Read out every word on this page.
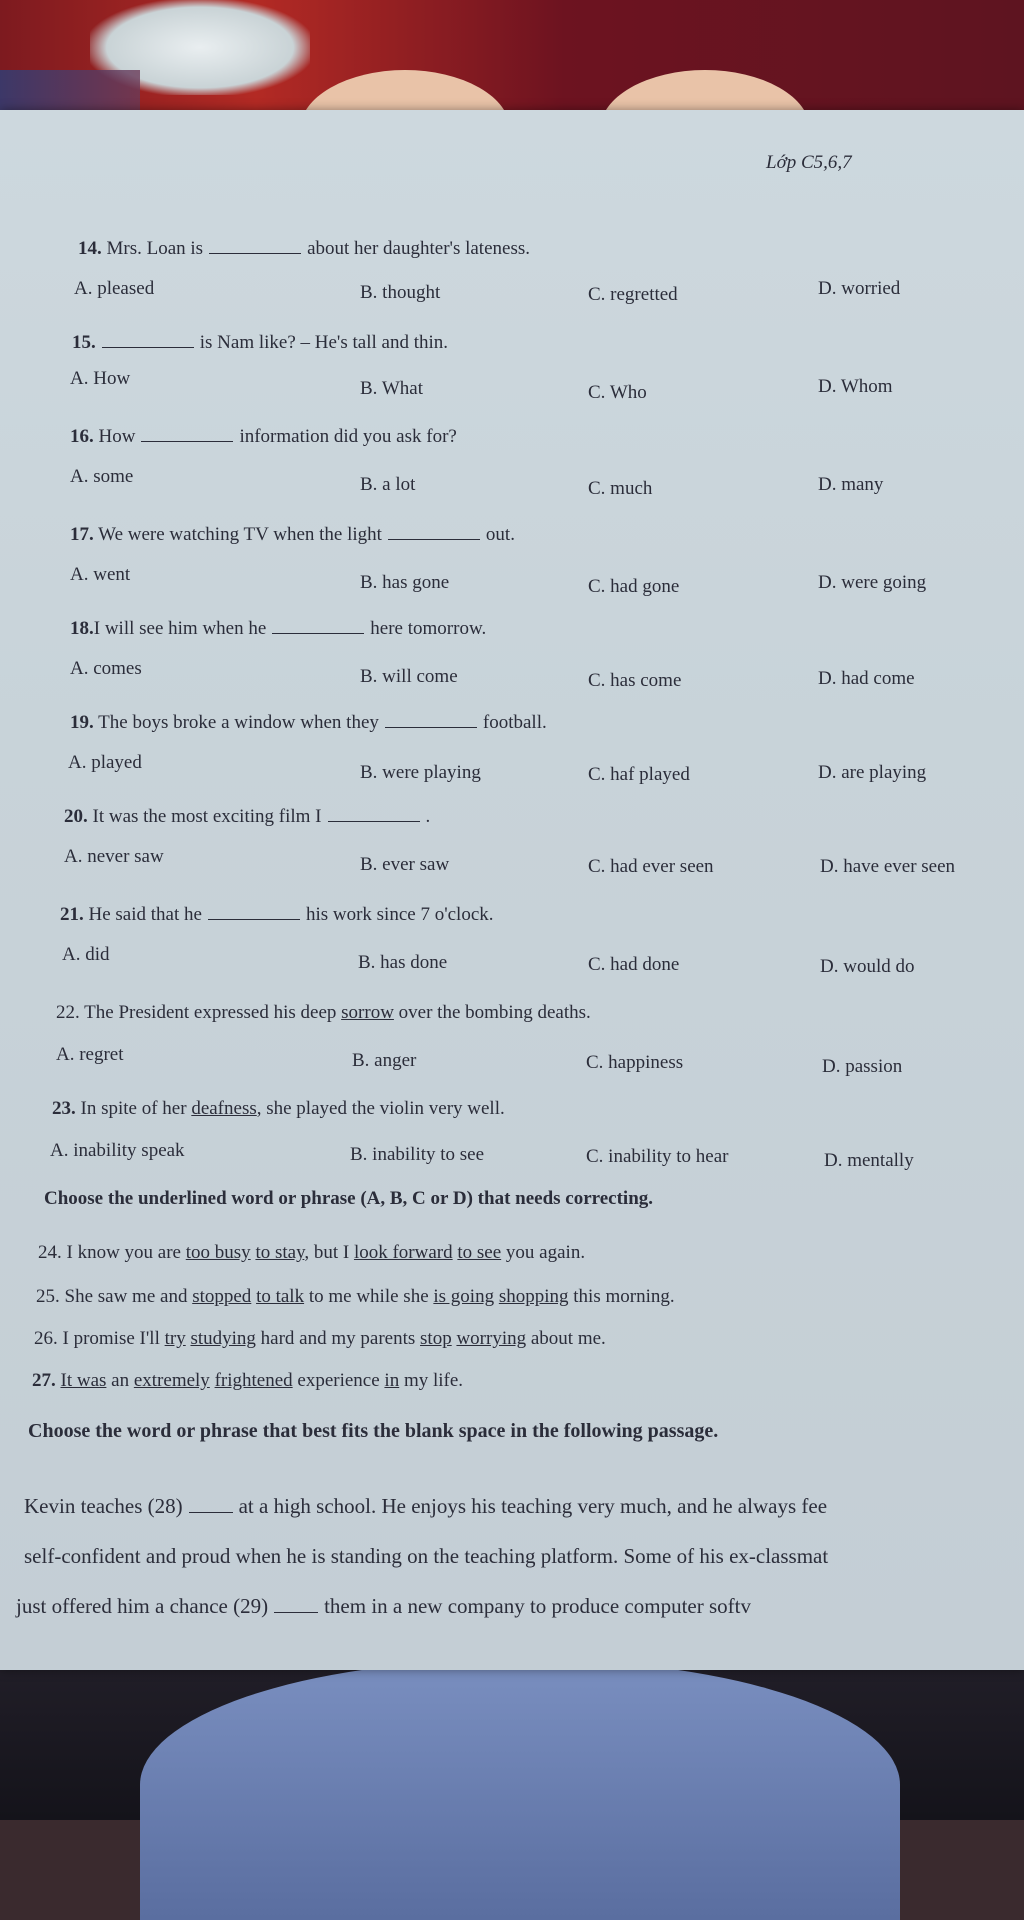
Lớp C5,6,7
14. Mrs. Loan is	about her daughter's lateness.
A. pleased	B. thought	C. regretted	D. worried
15.	is Nam like? – He's tall and thin.
A. How	B. What	C. Who	D. Whom
16. How	information did you ask for?
A. some	B. a lot	C. much	D. many
17. We were watching TV when the light	out.
A. went	B. has gone	C. had gone	D. were going
18.I will see him when he	here tomorrow.
A. comes	B. will come	C. has come	D. had come
19. The boys broke a window when they	football.
A. played	B. were playing	C. haf played	D. are playing
20. It was the most exciting film I	.
A. never saw	B. ever saw	C. had ever seen	D. have ever seen
21. He said that he	his work since 7 o'clock.
A. did	B. has done	C. had done	D. would do
22. The President expressed his deep sorrow over the bombing deaths.
A. regret	B. anger	C. happiness	D. passion
23. In spite of her deafness, she played the violin very well.
A. inability speak	B. inability to see	C. inability to hear	D. mentally
Choose the underlined word or phrase (A, B, C or D) that needs correcting.
24. I know you are too busy to stay, but I look forward to see you again.
25. She saw me and stopped to talk to me while she is going shopping this morning.
26. I promise I'll try studying hard and my parents stop worrying about me.
27. It was an extremely frightened experience in my life.
Choose the word or phrase that best fits the blank space in the following passage.
Kevin teaches (28)	at a high school. He enjoys his teaching very much, and he always fee
self-confident and proud when he is standing on the teaching platform. Some of his ex-classmat
just offered him a chance (29)	them in a new company to produce computer softv
